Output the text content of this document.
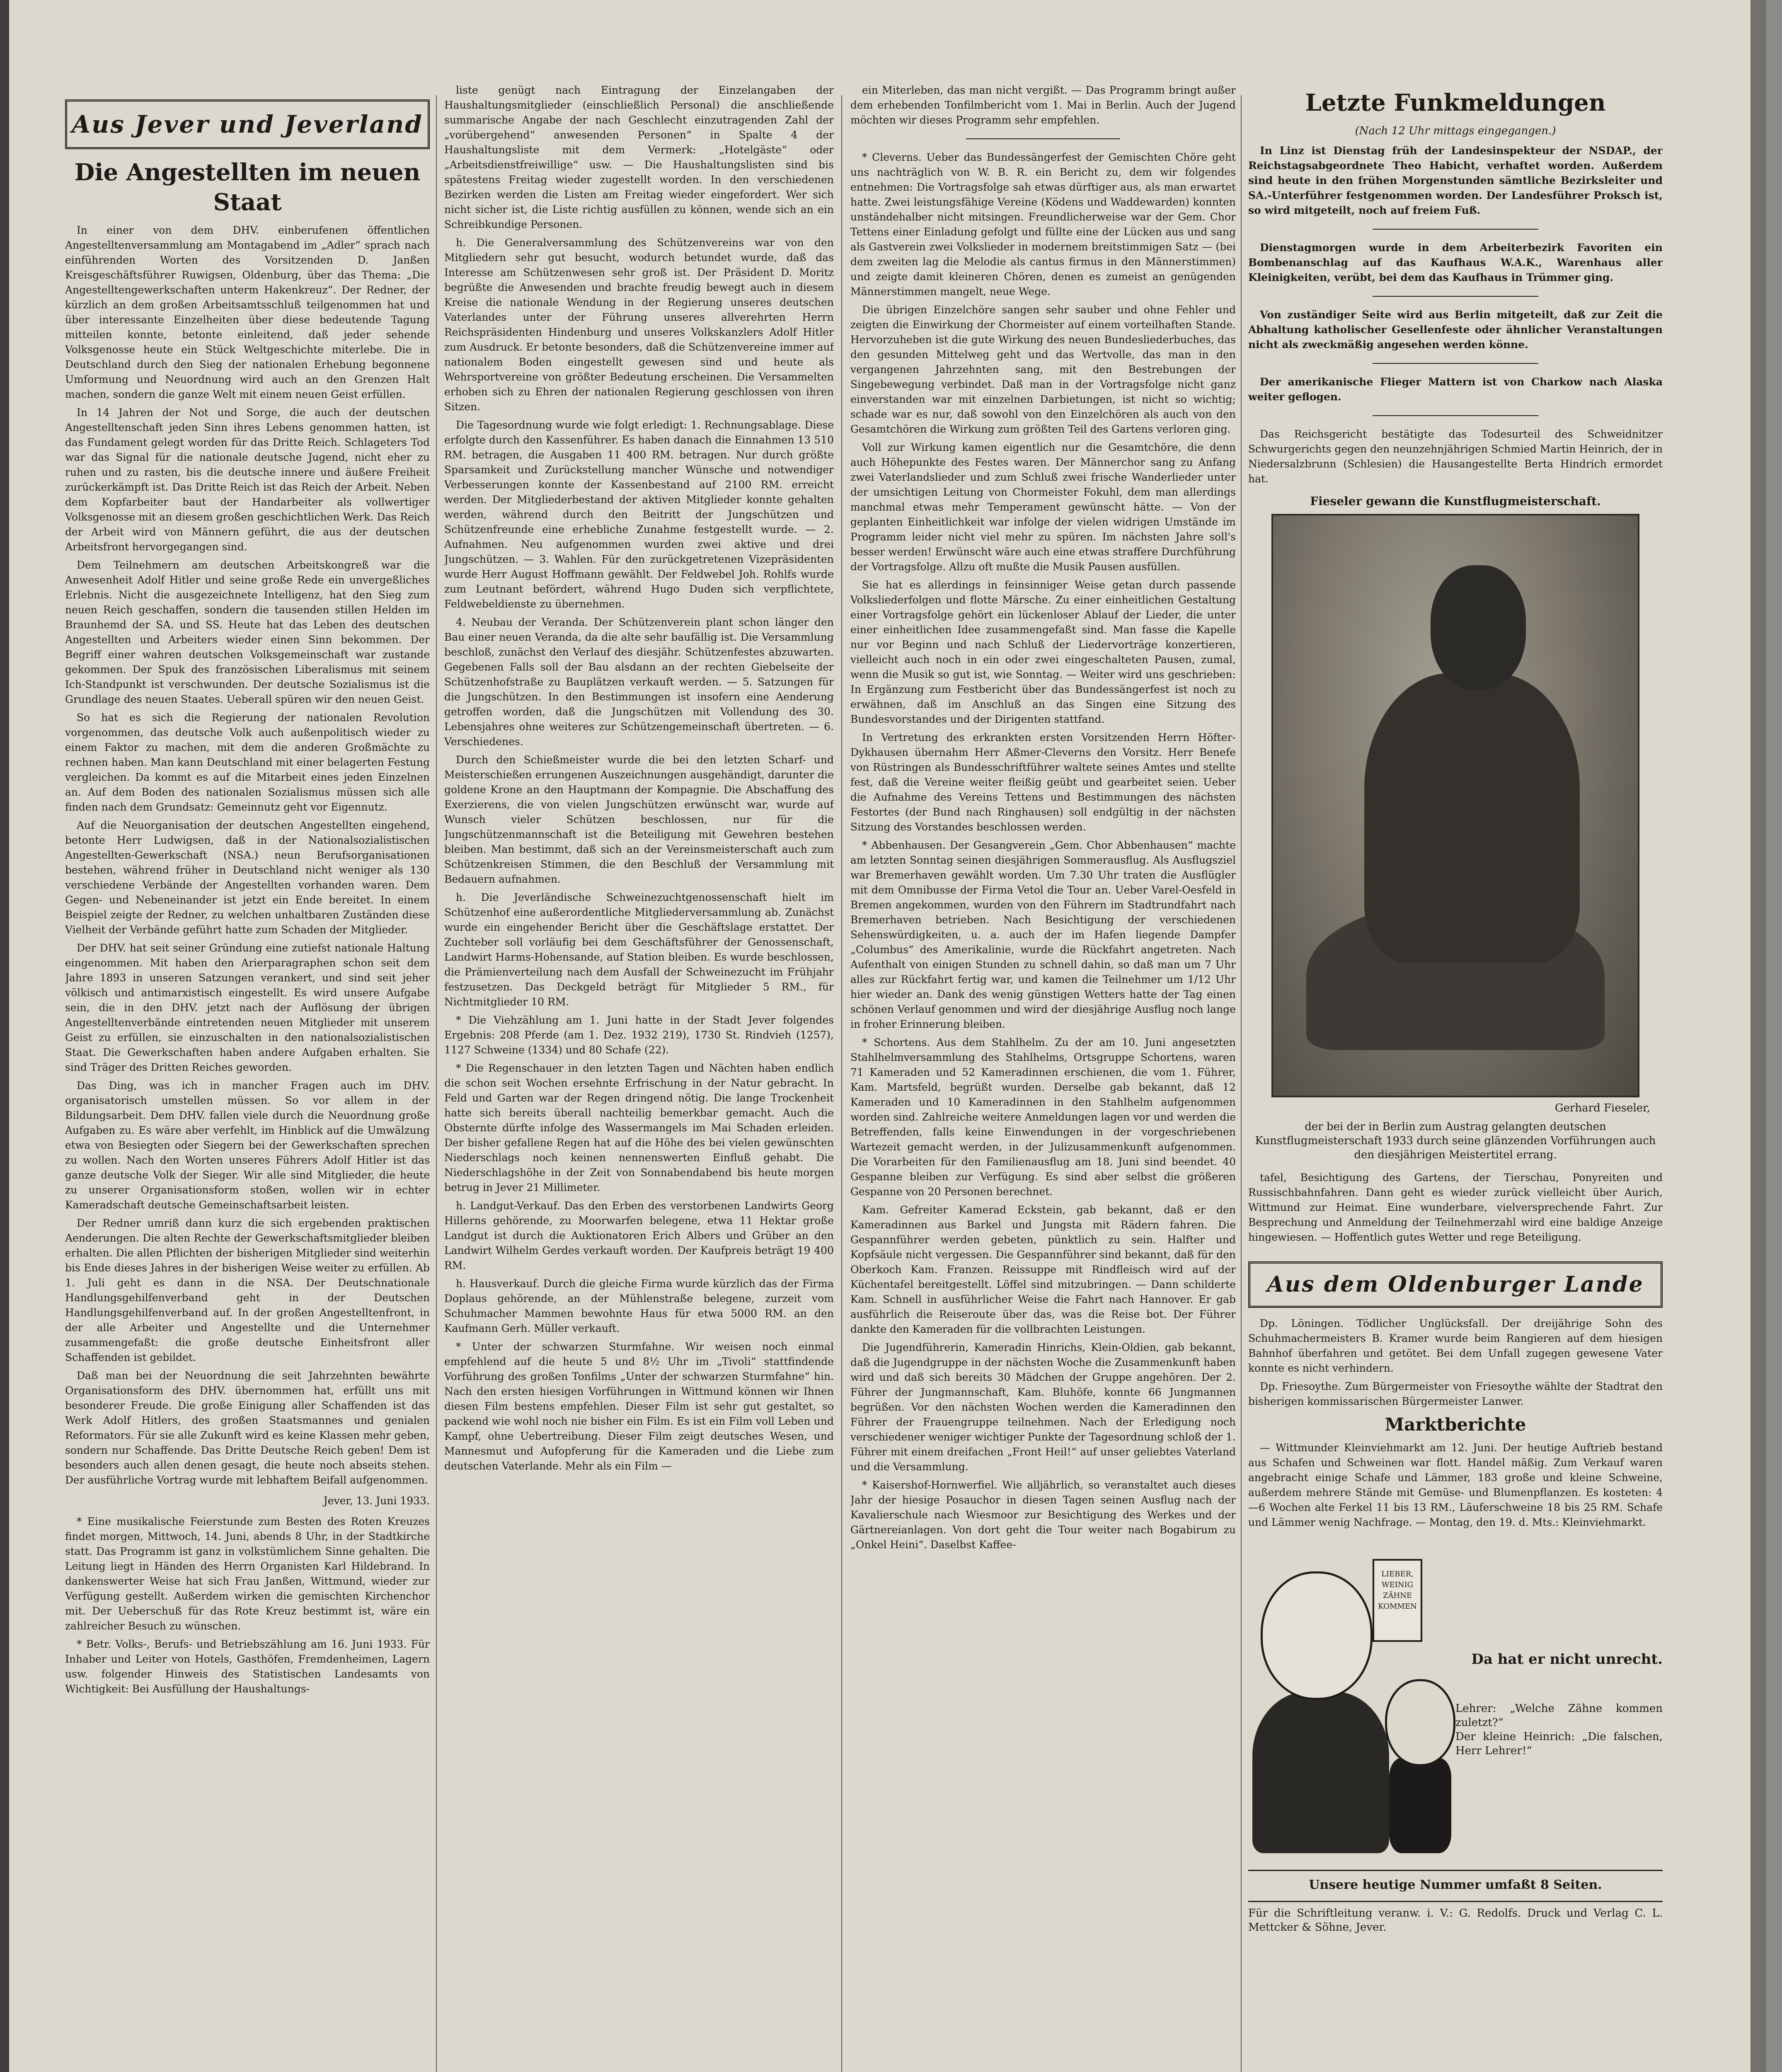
Aus Jever und Jeverland
Die Angestellten im neuen Staat

In einer von dem DHV. einberufenen öffentlichen Angestelltenversammlung am Montagabend im „Adler“ sprach nach einführenden Worten des Vorsitzenden D. Janßen Kreisgeschäftsführer Ruwigsen, Oldenburg, über das Thema: „Die Angestelltengewerkschaften unterm Hakenkreuz“. Der Redner, der kürzlich an dem großen Arbeitsamtsschluß teilgenommen hat und über interessante Einzelheiten über diese bedeutende Tagung mitteilen konnte, betonte einleitend, daß jeder sehende Volksgenosse heute ein Stück Weltgeschichte miterlebe. Die in Deutschland durch den Sieg der nationalen Erhebung begonnene Umformung und Neuordnung wird auch an den Grenzen Halt machen, sondern die ganze Welt mit einem neuen Geist erfüllen.

In 14 Jahren der Not und Sorge, die auch der deutschen Angestelltenschaft jeden Sinn ihres Lebens genommen hatten, ist das Fundament gelegt worden für das Dritte Reich. Schlageters Tod war das Signal für die nationale deutsche Jugend, nicht eher zu ruhen und zu rasten, bis die deutsche innere und äußere Freiheit zurückerkämpft ist. Das Dritte Reich ist das Reich der Arbeit. Neben dem Kopfarbeiter baut der Handarbeiter als vollwertiger Volksgenosse mit an diesem großen geschichtlichen Werk. Das Reich der Arbeit wird von Männern geführt, die aus der deutschen Arbeitsfront hervorgegangen sind.

Dem Teilnehmern am deutschen Arbeitskongreß war die Anwesenheit Adolf Hitler und seine große Rede ein unvergeßliches Erlebnis. Nicht die ausgezeichnete Intelligenz, hat den Sieg zum neuen Reich geschaffen, sondern die tausenden stillen Helden im Braunhemd der SA. und SS. Heute hat das Leben des deutschen Angestellten und Arbeiters wieder einen Sinn bekommen. Der Begriff einer wahren deutschen Volksgemeinschaft war zustande gekommen. Der Spuk des französischen Liberalismus mit seinem Ich-Standpunkt ist verschwunden. Der deutsche Sozialismus ist die Grundlage des neuen Staates. Ueberall spüren wir den neuen Geist.

So hat es sich die Regierung der nationalen Revolution vorgenommen, das deutsche Volk auch außenpolitisch wieder zu einem Faktor zu machen, mit dem die anderen Großmächte zu rechnen haben. Man kann Deutschland mit einer belagerten Festung vergleichen. Da kommt es auf die Mitarbeit eines jeden Einzelnen an. Auf dem Boden des nationalen Sozialismus müssen sich alle finden nach dem Grundsatz: Gemeinnutz geht vor Eigennutz.

Auf die Neuorganisation der deutschen Angestellten eingehend, betonte Herr Ludwigsen, daß in der Nationalsozialistischen Angestellten-Gewerkschaft (NSA.) neun Berufsorganisationen bestehen, während früher in Deutschland nicht weniger als 130 verschiedene Verbände der Angestellten vorhanden waren. Dem Gegen- und Nebeneinander ist jetzt ein Ende bereitet. In einem Beispiel zeigte der Redner, zu welchen unhaltbaren Zuständen diese Vielheit der Verbände geführt hatte zum Schaden der Mitglieder.

Der DHV. hat seit seiner Gründung eine zutiefst nationale Haltung eingenommen. Mit haben den Arierparagraphen schon seit dem Jahre 1893 in unseren Satzungen verankert, und sind seit jeher völkisch und antimarxistisch eingestellt. Es wird unsere Aufgabe sein, die in den DHV. jetzt nach der Auflösung der übrigen Angestelltenverbände eintretenden neuen Mitglieder mit unserem Geist zu erfüllen, sie einzuschalten in den nationalsozialistischen Staat. Die Gewerkschaften haben andere Aufgaben erhalten. Sie sind Träger des Dritten Reiches geworden.

Das Ding, was ich in mancher Fragen auch im DHV. organisatorisch umstellen müssen. So vor allem in der Bildungsarbeit. Dem DHV. fallen viele durch die Neuordnung große Aufgaben zu. Es wäre aber verfehlt, im Hinblick auf die Umwälzung etwa von Besiegten oder Siegern bei der Gewerkschaften sprechen zu wollen. Nach den Worten unseres Führers Adolf Hitler ist das ganze deutsche Volk der Sieger. Wir alle sind Mitglieder, die heute zu unserer Organisationsform stoßen, wollen wir in echter Kameradschaft deutsche Gemeinschaftsarbeit leisten.

Der Redner umriß dann kurz die sich ergebenden praktischen Aenderungen. Die alten Rechte der Gewerkschaftsmitglieder bleiben erhalten. Die allen Pflichten der bisherigen Mitglieder sind weiterhin bis Ende dieses Jahres in der bisherigen Weise weiter zu erfüllen. Ab 1. Juli geht es dann in die NSA. Der Deutschnationale Handlungsgehilfenverband geht in der Deutschen Handlungsgehilfenverband auf. In der großen Angestelltenfront, in der alle Arbeiter und Angestellte und die Unternehmer zusammengefaßt: die große deutsche Einheitsfront aller Schaffenden ist gebildet.

Daß man bei der Neuordnung die seit Jahrzehnten bewährte Organisationsform des DHV. übernommen hat, erfüllt uns mit besonderer Freude. Die große Einigung aller Schaffenden ist das Werk Adolf Hitlers, des großen Staatsmannes und genialen Reformators. Für sie alle Zukunft wird es keine Klassen mehr geben, sondern nur Schaffende. Das Dritte Deutsche Reich geben! Dem ist besonders auch allen denen gesagt, die heute noch abseits stehen. Der ausführliche Vortrag wurde mit lebhaftem Beifall aufgenommen.

Jever, 13. Juni 1933.

* Eine musikalische Feierstunde zum Besten des Roten Kreuzes findet morgen, Mittwoch, 14. Juni, abends 8 Uhr, in der Stadtkirche statt. Das Programm ist ganz in volkstümlichem Sinne gehalten. Die Leitung liegt in Händen des Herrn Organisten Karl Hildebrand. In dankenswerter Weise hat sich Frau Janßen, Wittmund, wieder zur Verfügung gestellt. Außerdem wirken die gemischten Kirchenchor mit. Der Ueberschuß für das Rote Kreuz bestimmt ist, wäre ein zahlreicher Besuch zu wünschen.

* Betr. Volks-, Berufs- und Betriebszählung am 16. Juni 1933. Für Inhaber und Leiter von Hotels, Gasthöfen, Fremdenheimen, Lagern usw. folgender Hinweis des Statistischen Landesamts von Wichtigkeit: Bei Ausfüllung der Haushaltungs-

liste genügt nach Eintragung der Einzelangaben der Haushaltungsmitglieder (einschließlich Personal) die anschließende summarische Angabe der nach Geschlecht einzutragenden Zahl der „vorübergehend“ anwesenden Personen“ in Spalte 4 der Haushaltungsliste mit dem Vermerk: „Hotelgäste“ oder „Arbeitsdienstfreiwillige“ usw. — Die Haushaltungslisten sind bis spätestens Freitag wieder zugestellt worden. In den verschiedenen Bezirken werden die Listen am Freitag wieder eingefordert. Wer sich nicht sicher ist, die Liste richtig ausfüllen zu können, wende sich an ein Schreibkundige Personen.

h. Die Generalversammlung des Schützenvereins war von den Mitgliedern sehr gut besucht, wodurch betundet wurde, daß das Interesse am Schützenwesen sehr groß ist. Der Präsident D. Moritz begrüßte die Anwesenden und brachte freudig bewegt auch in diesem Kreise die nationale Wendung in der Regierung unseres deutschen Vaterlandes unter der Führung unseres allverehrten Herrn Reichspräsidenten Hindenburg und unseres Volkskanzlers Adolf Hitler zum Ausdruck. Er betonte besonders, daß die Schützenvereine immer auf nationalem Boden eingestellt gewesen sind und heute als Wehrsportvereine von größter Bedeutung erscheinen. Die Versammelten erhoben sich zu Ehren der nationalen Regierung geschlossen von ihren Sitzen.

Die Tagesordnung wurde wie folgt erledigt: 1. Rechnungsablage. Diese erfolgte durch den Kassenführer. Es haben danach die Einnahmen 13 510 RM. betragen, die Ausgaben 11 400 RM. betragen. Nur durch größte Sparsamkeit und Zurückstellung mancher Wünsche und notwendiger Verbesserungen konnte der Kassenbestand auf 2100 RM. erreicht werden. Der Mitgliederbestand der aktiven Mitglieder konnte gehalten werden, während durch den Beitritt der Jungschützen und Schützenfreunde eine erhebliche Zunahme festgestellt wurde. — 2. Aufnahmen. Neu aufgenommen wurden zwei aktive und drei Jungschützen. — 3. Wahlen. Für den zurückgetretenen Vizepräsidenten wurde Herr August Hoffmann gewählt. Der Feldwebel Joh. Rohlfs wurde zum Leutnant befördert, während Hugo Duden sich verpflichtete, Feldwebeldienste zu übernehmen.

4. Neubau der Veranda. Der Schützenverein plant schon länger den Bau einer neuen Veranda, da die alte sehr baufällig ist. Die Versammlung beschloß, zunächst den Verlauf des diesjähr. Schützenfestes abzuwarten. Gegebenen Falls soll der Bau alsdann an der rechten Giebelseite der Schützenhofstraße zu Bauplätzen verkauft werden. — 5. Satzungen für die Jungschützen. In den Bestimmungen ist insofern eine Aenderung getroffen worden, daß die Jungschützen mit Vollendung des 30. Lebensjahres ohne weiteres zur Schützengemeinschaft übertreten. — 6. Verschiedenes.

Durch den Schießmeister wurde die bei den letzten Scharf- und Meisterschießen errungenen Auszeichnungen ausgehändigt, darunter die goldene Krone an den Hauptmann der Kompagnie. Die Abschaffung des Exerzierens, die von vielen Jungschützen erwünscht war, wurde auf Wunsch vieler Schützen beschlossen, nur für die Jungschützenmannschaft ist die Beteiligung mit Gewehren bestehen bleiben. Man bestimmt, daß sich an der Vereinsmeisterschaft auch zum Schützenkreisen Stimmen, die den Beschluß der Versammlung mit Bedauern aufnahmen.

h. Die Jeverländische Schweinezuchtgenossenschaft hielt im Schützenhof eine außerordentliche Mitgliederversammlung ab. Zunächst wurde ein eingehender Bericht über die Geschäftslage erstattet. Der Zuchteber soll vorläufig bei dem Geschäftsführer der Genossenschaft, Landwirt Harms-Hohensande, auf Station bleiben. Es wurde beschlossen, die Prämienverteilung nach dem Ausfall der Schweinezucht im Frühjahr festzusetzen. Das Deckgeld beträgt für Mitglieder 5 RM., für Nichtmitglieder 10 RM.

* Die Viehzählung am 1. Juni hatte in der Stadt Jever folgendes Ergebnis: 208 Pferde (am 1. Dez. 1932 219), 1730 St. Rindvieh (1257), 1127 Schweine (1334) und 80 Schafe (22).

* Die Regenschauer in den letzten Tagen und Nächten haben endlich die schon seit Wochen ersehnte Erfrischung in der Natur gebracht. In Feld und Garten war der Regen dringend nötig. Die lange Trockenheit hatte sich bereits überall nachteilig bemerkbar gemacht. Auch die Obsternte dürfte infolge des Wassermangels im Mai Schaden erleiden. Der bisher gefallene Regen hat auf die Höhe des bei vielen gewünschten Niederschlags noch keinen nennenswerten Einfluß gehabt. Die Niederschlagshöhe in der Zeit von Sonnabendabend bis heute morgen betrug in Jever 21 Millimeter.

h. Landgut-Verkauf. Das den Erben des verstorbenen Landwirts Georg Hillerns gehörende, zu Moorwarfen belegene, etwa 11 Hektar große Landgut ist durch die Auktionatoren Erich Albers und Grüber an den Landwirt Wilhelm Gerdes verkauft worden. Der Kaufpreis beträgt 19 400 RM.

h. Hausverkauf. Durch die gleiche Firma wurde kürzlich das der Firma Doplaus gehörende, an der Mühlenstraße belegene, zurzeit vom Schuhmacher Mammen bewohnte Haus für etwa 5000 RM. an den Kaufmann Gerh. Müller verkauft.

* Unter der schwarzen Sturmfahne. Wir weisen noch einmal empfehlend auf die heute 5 und 8½ Uhr im „Tivoli“ stattfindende Vorführung des großen Tonfilms „Unter der schwarzen Sturmfahne“ hin. Nach den ersten hiesigen Vorführungen in Wittmund können wir Ihnen diesen Film bestens empfehlen. Dieser Film ist sehr gut gestaltet, so packend wie wohl noch nie bisher ein Film. Es ist ein Film voll Leben und Kampf, ohne Uebertreibung. Dieser Film zeigt deutsches Wesen, und Mannesmut und Aufopferung für die Kameraden und die Liebe zum deutschen Vaterlande. Mehr als ein Film —

ein Miterleben, das man nicht vergißt. — Das Programm bringt außer dem erhebenden Tonfilmbericht vom 1. Mai in Berlin. Auch der Jugend möchten wir dieses Programm sehr empfehlen.

* Cleverns. Ueber das Bundessängerfest der Gemischten Chöre geht uns nachträglich von W. B. R. ein Bericht zu, dem wir folgendes entnehmen: Die Vortragsfolge sah etwas dürftiger aus, als man erwartet hatte. Zwei leistungsfähige Vereine (Ködens und Waddewarden) konnten unständehalber nicht mitsingen. Freundlicherweise war der Gem. Chor Tettens einer Einladung gefolgt und füllte eine der Lücken aus und sang als Gastverein zwei Volkslieder in modernem breitstimmigen Satz — (bei dem zweiten lag die Melodie als cantus firmus in den Männerstimmen) und zeigte damit kleineren Chören, denen es zumeist an genügenden Männerstimmen mangelt, neue Wege.

Die übrigen Einzelchöre sangen sehr sauber und ohne Fehler und zeigten die Einwirkung der Chormeister auf einem vorteilhaften Stande. Hervorzuheben ist die gute Wirkung des neuen Bundesliederbuches, das den gesunden Mittelweg geht und das Wertvolle, das man in den vergangenen Jahrzehnten sang, mit den Bestrebungen der Singebewegung verbindet. Daß man in der Vortragsfolge nicht ganz einverstanden war mit einzelnen Darbietungen, ist nicht so wichtig; schade war es nur, daß sowohl von den Einzelchören als auch von den Gesamtchören die Wirkung zum größten Teil des Gartens verloren ging.

Voll zur Wirkung kamen eigentlich nur die Gesamtchöre, die denn auch Höhepunkte des Festes waren. Der Männerchor sang zu Anfang zwei Vaterlandslieder und zum Schluß zwei frische Wanderlieder unter der umsichtigen Leitung von Chormeister Fokuhl, dem man allerdings manchmal etwas mehr Temperament gewünscht hätte. — Von der geplanten Einheitlichkeit war infolge der vielen widrigen Umstände im Programm leider nicht viel mehr zu spüren. Im nächsten Jahre soll's besser werden! Erwünscht wäre auch eine etwas straffere Durchführung der Vortragsfolge. Allzu oft mußte die Musik Pausen ausfüllen.

Sie hat es allerdings in feinsinniger Weise getan durch passende Volksliederfolgen und flotte Märsche. Zu einer einheitlichen Gestaltung einer Vortragsfolge gehört ein lückenloser Ablauf der Lieder, die unter einer einheitlichen Idee zusammengefaßt sind. Man fasse die Kapelle nur vor Beginn und nach Schluß der Liedervorträge konzertieren, vielleicht auch noch in ein oder zwei eingeschalteten Pausen, zumal, wenn die Musik so gut ist, wie Sonntag. — Weiter wird uns geschrieben: In Ergänzung zum Festbericht über das Bundessängerfest ist noch zu erwähnen, daß im Anschluß an das Singen eine Sitzung des Bundesvorstandes und der Dirigenten stattfand.

In Vertretung des erkrankten ersten Vorsitzenden Herrn Höfter-Dykhausen übernahm Herr Aßmer-Cleverns den Vorsitz. Herr Benefe von Rüstringen als Bundesschriftführer waltete seines Amtes und stellte fest, daß die Vereine weiter fleißig geübt und gearbeitet seien. Ueber die Aufnahme des Vereins Tettens und Bestimmungen des nächsten Festortes (der Bund nach Ringhausen) soll endgültig in der nächsten Sitzung des Vorstandes beschlossen werden.

* Abbenhausen. Der Gesangverein „Gem. Chor Abbenhausen“ machte am letzten Sonntag seinen diesjährigen Sommerausflug. Als Ausflugsziel war Bremerhaven gewählt worden. Um 7.30 Uhr traten die Ausflügler mit dem Omnibusse der Firma Vetol die Tour an. Ueber Varel-Oesfeld in Bremen angekommen, wurden von den Führern im Stadtrundfahrt nach Bremerhaven betrieben. Nach Besichtigung der verschiedenen Sehenswürdigkeiten, u. a. auch der im Hafen liegende Dampfer „Columbus“ des Amerikalinie, wurde die Rückfahrt angetreten. Nach Aufenthalt von einigen Stunden zu schnell dahin, so daß man um 7 Uhr alles zur Rückfahrt fertig war, und kamen die Teilnehmer um 1/12 Uhr hier wieder an. Dank des wenig günstigen Wetters hatte der Tag einen schönen Verlauf genommen und wird der diesjährige Ausflug noch lange in froher Erinnerung bleiben.

* Schortens. Aus dem Stahlhelm. Zu der am 10. Juni angesetzten Stahlhelmversammlung des Stahlhelms, Ortsgruppe Schortens, waren 71 Kameraden und 52 Kameradinnen erschienen, die vom 1. Führer, Kam. Martsfeld, begrüßt wurden. Derselbe gab bekannt, daß 12 Kameraden und 10 Kameradinnen in den Stahlhelm aufgenommen worden sind. Zahlreiche weitere Anmeldungen lagen vor und werden die Betreffenden, falls keine Einwendungen in der vorgeschriebenen Wartezeit gemacht werden, in der Julizusammenkunft aufgenommen. Die Vorarbeiten für den Familienausflug am 18. Juni sind beendet. 40 Gespanne bleiben zur Verfügung. Es sind aber selbst die größeren Gespanne von 20 Personen berechnet.

Kam. Gefreiter Kamerad Eckstein, gab bekannt, daß er den Kameradinnen aus Barkel und Jungsta mit Rädern fahren. Die Gespannführer werden gebeten, pünktlich zu sein. Halfter und Kopfsäule nicht vergessen. Die Gespannführer sind bekannt, daß für den Oberkoch Kam. Franzen. Reissuppe mit Rindfleisch wird auf der Küchentafel bereitgestellt. Löffel sind mitzubringen. — Dann schilderte Kam. Schnell in ausführlicher Weise die Fahrt nach Hannover. Er gab ausführlich die Reiseroute über das, was die Reise bot. Der Führer dankte den Kameraden für die vollbrachten Leistungen.

Die Jugendführerin, Kameradin Hinrichs, Klein-Oldien, gab bekannt, daß die Jugendgruppe in der nächsten Woche die Zusammenkunft haben wird und daß sich bereits 30 Mädchen der Gruppe angehören. Der 2. Führer der Jungmannschaft, Kam. Bluhöfe, konnte 66 Jungmannen begrüßen. Vor den nächsten Wochen werden die Kameradinnen den Führer der Frauengruppe teilnehmen. Nach der Erledigung noch verschiedener weniger wichtiger Punkte der Tagesordnung schloß der 1. Führer mit einem dreifachen „Front Heil!“ auf unser geliebtes Vaterland und die Versammlung.

* Kaisershof-Hornwerfiel. Wie alljährlich, so veranstaltet auch dieses Jahr der hiesige Posauchor in diesen Tagen seinen Ausflug nach der Kavalierschule nach Wiesmoor zur Besichtigung des Werkes und der Gärtnereianlagen. Von dort geht die Tour weiter nach Bogabirum zu „Onkel Heini“. Daselbst Kaffee-

Letzte Funkmeldungen
(Nach 12 Uhr mittags eingegangen.)

In Linz ist Dienstag früh der Landesinspekteur der NSDAP., der Reichstagsabgeordnete Theo Habicht, verhaftet worden. Außerdem sind heute in den frühen Morgenstunden sämtliche Bezirksleiter und SA.-Unterführer festgenommen worden. Der Landesführer Proksch ist, so wird mitgeteilt, noch auf freiem Fuß.

Dienstagmorgen wurde in dem Arbeiterbezirk Favoriten ein Bombenanschlag auf das Kaufhaus W.A.K., Warenhaus aller Kleinigkeiten, verübt, bei dem das Kaufhaus in Trümmer ging.

Von zuständiger Seite wird aus Berlin mitgeteilt, daß zur Zeit die Abhaltung katholischer Gesellenfeste oder ähnlicher Veranstaltungen nicht als zweckmäßig angesehen werden könne.

Der amerikanische Flieger Mattern ist von Charkow nach Alaska weiter geflogen.

Das Reichsgericht bestätigte das Todesurteil des Schweidnitzer Schwurgerichts gegen den neunzehnjährigen Schmied Martin Heinrich, der in Niedersalzbrunn (Schlesien) die Hausangestellte Berta Hindrich ermordet hat.

Fieseler gewann die Kunstflugmeisterschaft.
Gerhard Fieseler,
der bei der in Berlin zum Austrag gelangten deutschen Kunstflugmeisterschaft 1933 durch seine glänzenden Vorführungen auch den diesjährigen Meistertitel errang.

tafel, Besichtigung des Gartens, der Tierschau, Ponyreiten und Russischbahnfahren. Dann geht es wieder zurück vielleicht über Aurich, Wittmund zur Heimat. Eine wunderbare, vielversprechende Fahrt. Zur Besprechung und Anmeldung der Teilnehmerzahl wird eine baldige Anzeige hingewiesen. — Hoffentlich gutes Wetter und rege Beteiligung.

Aus dem Oldenburger Lande

Dp. Löningen. Tödlicher Unglücksfall. Der dreijährige Sohn des Schuhmachermeisters B. Kramer wurde beim Rangieren auf dem hiesigen Bahnhof überfahren und getötet. Bei dem Unfall zugegen gewesene Vater konnte es nicht verhindern.

Dp. Friesoythe. Zum Bürgermeister von Friesoythe wählte der Stadtrat den bisherigen kommissarischen Bürgermeister Lanwer.

Marktberichte

— Wittmunder Kleinviehmarkt am 12. Juni. Der heutige Auftrieb bestand aus Schafen und Schweinen war flott. Handel mäßig. Zum Verkauf waren angebracht einige Schafe und Lämmer, 183 große und kleine Schweine, außerdem mehrere Stände mit Gemüse- und Blumenpflanzen. Es kosteten: 4—6 Wochen alte Ferkel 11 bis 13 RM., Läuferschweine 18 bis 25 RM. Schafe und Lämmer wenig Nachfrage. — Montag, den 19. d. Mts.: Kleinviehmarkt.

LIEBER, WEINIG ZÄHNE KOMMEN
Da hat er nicht unrecht.
Lehrer: „Welche Zähne kommen zuletzt?“
Der kleine Heinrich: „Die falschen, Herr Lehrer!“
Unsere heutige Nummer umfaßt 8 Seiten.
Für die Schriftleitung veranw. i. V.: G. Redolfs. Druck und Verlag C. L. Mettcker & Söhne, Jever.
